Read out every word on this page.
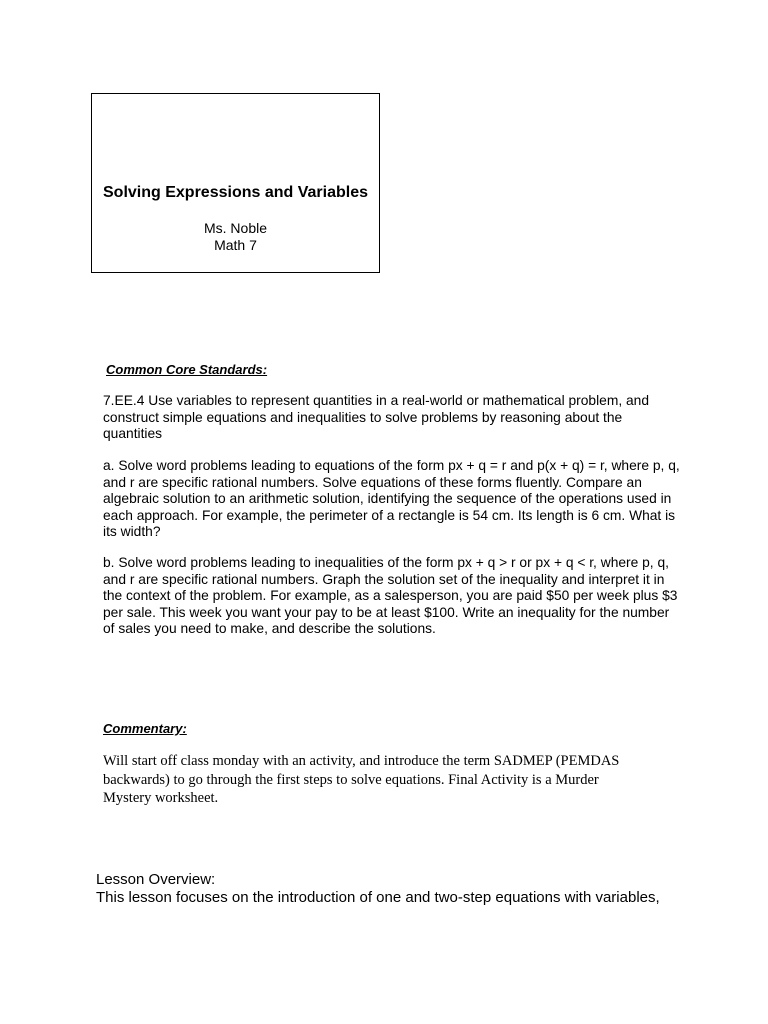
Solving Expressions and Variables
Ms. Noble
Math 7
Common Core Standards:

7.EE.4 Use variables to represent quantities in a real-world or mathematical problem, and construct simple equations and inequalities to solve problems by reasoning about the quantities

a. Solve word problems leading to equations of the form px + q = r and p(x + q) = r, where p, q, and r are specific rational numbers. Solve equations of these forms fluently. Compare an algebraic solution to an arithmetic solution, identifying the sequence of the operations used in each approach. For example, the perimeter of a rectangle is 54 cm. Its length is 6 cm. What is its width?

b. Solve word problems leading to inequalities of the form px + q > r or px + q < r, where p, q, and r are specific rational numbers. Graph the solution set of the inequality and interpret it in the context of the problem. For example, as a salesperson, you are paid $50 per week plus $3 per sale. This week you want your pay to be at least $100. Write an inequality for the number of sales you need to make, and describe the solutions.

Commentary:

Will start off class monday with an activity, and introduce the term SADMEP (PEMDAS backwards) to go through the first steps to solve equations. Final Activity is a Murder Mystery worksheet.

Lesson Overview:
This lesson focuses on the introduction of one and two-step equations with variables,
